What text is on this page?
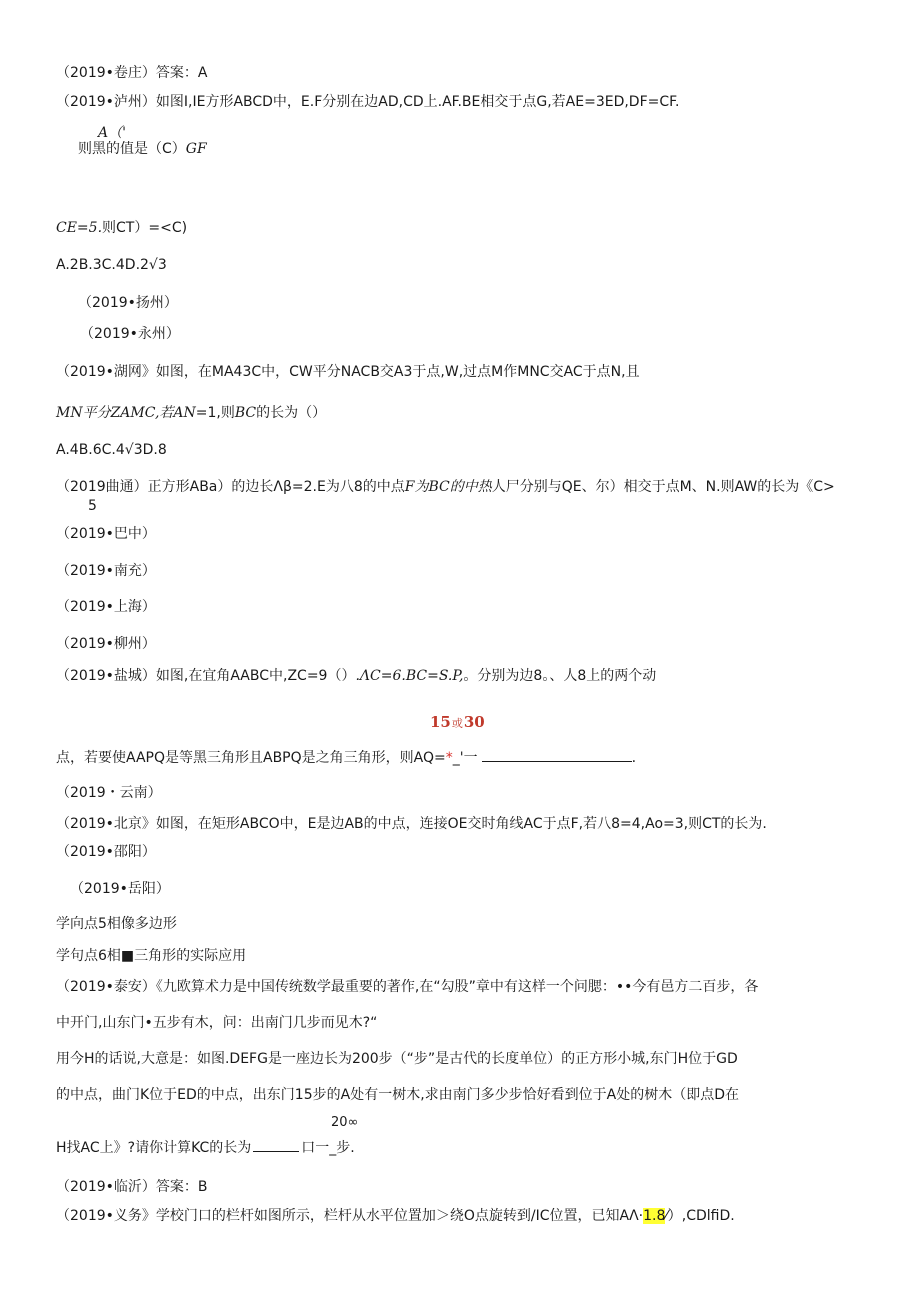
（2019•卷庄）答案：A
（2019•泸州）如图I,IE方形ABCD中，E.F分别在边AD,CD上.AF.BE相交于点G,若AE=3ED,DF=CF.
A（'
则黑的值是（C）GF
CE=5.则CT）=<C)
A.2B.3C.4D.2√3
（2019•扬州）
（2019•永州）
（2019•湖网》如图，在MA43C中，CW平分NACB交A3于点,W,过点M作MNC交AC于点N,且
MN平分ZAMC,若AN=1,则BC的长为（）
A.4B.6C.4√3D.8
（2019曲通）正方形ABa）的边长Λβ=2.E为八8的中点F为BC的中热人尸分别与QE、尔）相交于点M、N.则AW的长为《C>
5
（2019•巴中）
（2019•南充）
（2019•上海）
（2019•柳州）
（2019•盐城）如图,在宜角AABC中,ZC=9（）.ΛC=6.BC=S.P,。分别为边8。、人8上的两个动
15或30
点，若要使AAPQ是等黑三角形且ABPQ是之角三角形，则AQ=*_'一	.
（2019・云南）
（2019•北京》如图，在矩形ABCO中，E是边AB的中点，连接OE交时角线AC于点F,若八8=4,Ao=3,则CT的长为.
（2019•邵阳）
（2019•岳阳）
学向点5相像多边形
学句点6相■三角形的实际应用
（2019•泰安）《九欧算术力是中国传统数学最重要的著作,在“勾股”章中有这样一个问腮：••今有邑方二百步，各
中开门,山东门•五步有木，问：出南门几步而见木?“
用今H的话说,大意是：如图.DEFG是一座边长为200步（“步”是古代的长度单位）的正方形小城,东门H位于GD
的中点，曲门K位于ED的中点，出东门15步的A处有一树木,求由南门多少步恰好看到位于A处的树木（即点D在
20∞
H找AC上》?请你计算KC的长为	口一_步.
（2019•临沂）答案：B
（2019•义务》学校门口的栏杆如图所示，栏杆从水平位置加＞绕O点旋转到/IC位置，已知AΛ·1.8⁄）,CDlfiD.
